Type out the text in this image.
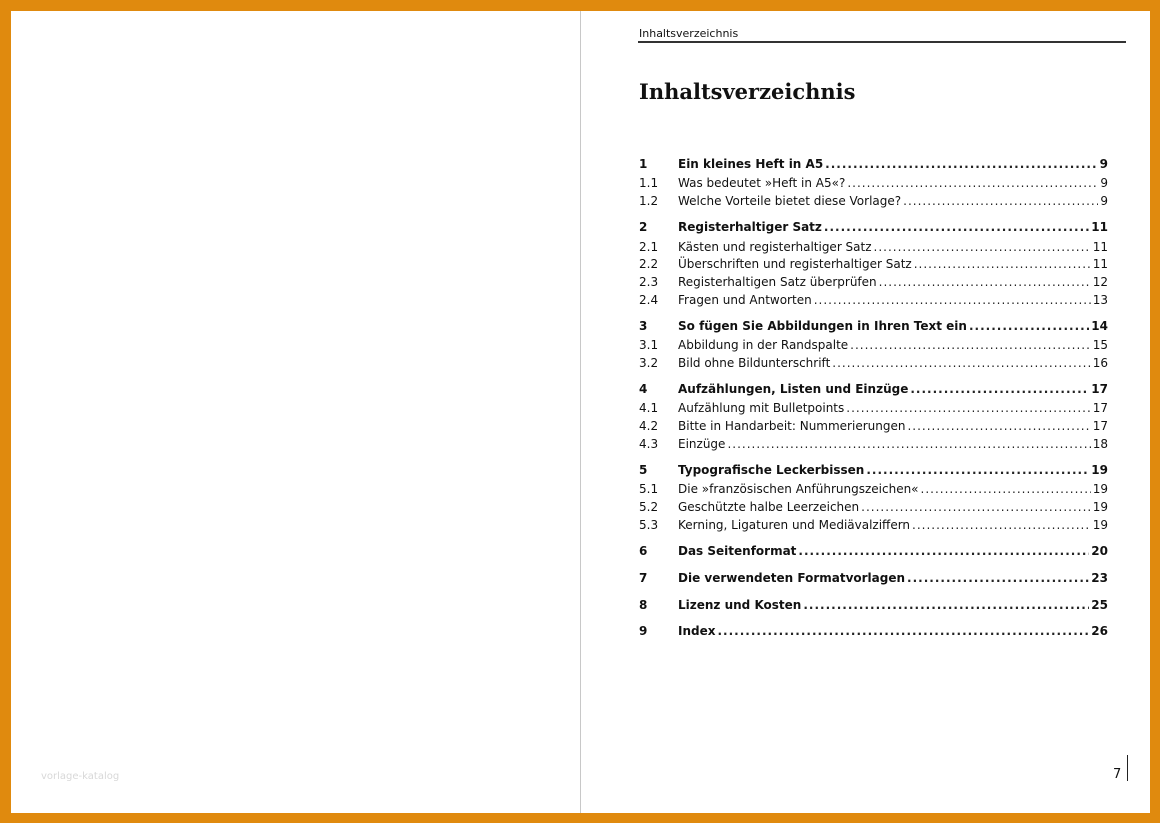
vorlage-katalog
Inhaltsverzeichnis
Inhaltsverzeichnis
1	Ein kleines Heft in A5 .....	9
1.1	Was bedeutet »Heft in A5«? .....	9
1.2	Welche Vorteile bietet diese Vorlage? .....	9
2	Registerhaltiger Satz .....	11
2.1	Kästen und registerhaltiger Satz .....	11
2.2	Überschriften und registerhaltiger Satz .....	11
2.3	Registerhaltigen Satz überprüfen .....	12
2.4	Fragen und Antworten .....	13
3	So fügen Sie Abbildungen in Ihren Text ein .....	14
3.1	Abbildung in der Randspalte .....	15
3.2	Bild ohne Bildunterschrift .....	16
4	Aufzählungen, Listen und Einzüge .....	17
4.1	Aufzählung mit Bulletpoints .....	17
4.2	Bitte in Handarbeit: Nummerierungen .....	17
4.3	Einzüge .....	18
5	Typografische Leckerbissen .....	19
5.1	Die »französischen Anführungszeichen« .....	19
5.2	Geschützte halbe Leerzeichen .....	19
5.3	Kerning, Ligaturen und Mediävalziffern .....	19
6	Das Seitenformat .....	20
7	Die verwendeten Formatvorlagen .....	23
8	Lizenz und Kosten .....	25
9	Index .....	26
7
